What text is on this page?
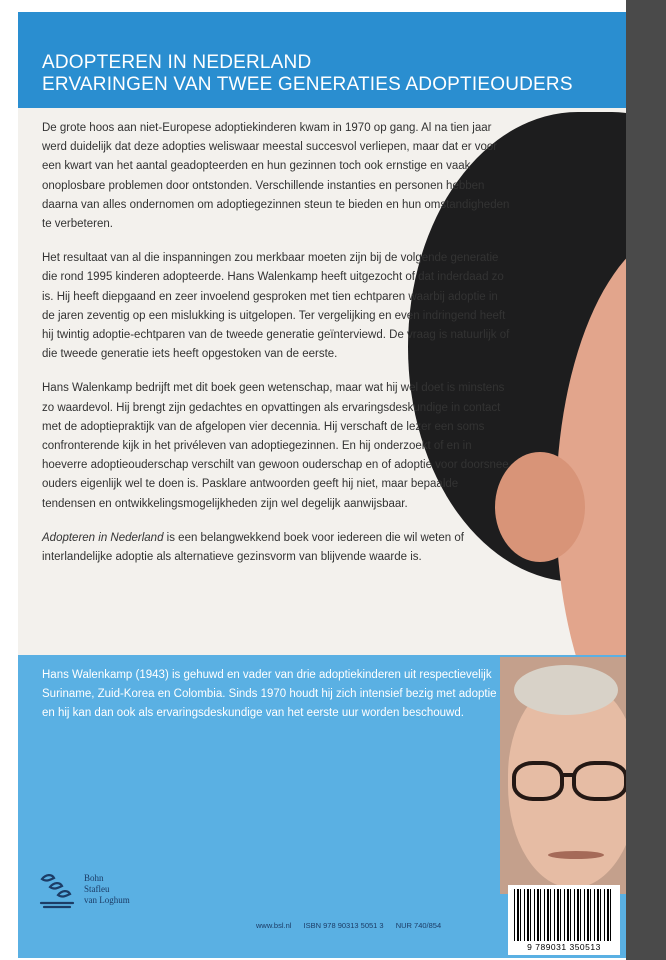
ADOPTEREN IN NEDERLAND
ERVARINGEN VAN TWEE GENERATIES ADOPTIEOUDERS

De grote hoos aan niet-Europese adoptiekinderen kwam in 1970 op gang. Al na tien jaar werd duidelijk dat deze adopties weliswaar meestal succesvol verliepen, maar dat er voor een kwart van het aantal geadopteerden en hun gezinnen toch ook ernstige en vaak onoplosbare problemen door ontstonden. Verschillende instanties en personen hebben daarna van alles ondernomen om adoptiegezinnen steun te bieden en hun omstandigheden te verbeteren.

Het resultaat van al die inspanningen zou merkbaar moeten zijn bij de volgende generatie die rond 1995 kinderen adopteerde. Hans Walenkamp heeft uitgezocht of dat inderdaad zo is. Hij heeft diepgaand en zeer invoelend gesproken met tien echtparen waarbij adoptie in de jaren zeventig op een mislukking is uitgelopen. Ter vergelijking en even indringend heeft hij twintig adoptie-echtparen van de tweede generatie geïnterviewd. De vraag is natuurlijk of die tweede generatie iets heeft opgestoken van de eerste.

Hans Walenkamp bedrijft met dit boek geen wetenschap, maar wat hij wel doet is minstens zo waardevol. Hij brengt zijn gedachtes en opvattingen als ervaringsdeskundige in contact met de adoptiepraktijk van de afgelopen vier decennia. Hij verschaft de lezer een soms confronterende kijk in het privéleven van adoptiegezinnen. En hij onderzoekt of en in hoeverre adoptieouderschap verschilt van gewoon ouderschap en of adoptie voor doorsnee ouders eigenlijk wel te doen is. Pasklare antwoorden geeft hij niet, maar bepaalde tendensen en ontwikkelingsmogelijkheden zijn wel degelijk aanwijsbaar.

Adopteren in Nederland is een belangwekkend boek voor iedereen die wil weten of interlandelijke adoptie als alternatieve gezinsvorm van blijvende waarde is.

Hans Walenkamp (1943) is gehuwd en vader van drie adoptiekinderen uit respectievelijk Suriname, Zuid-Korea en Colombia. Sinds 1970 houdt hij zich intensief bezig met adoptie en hij kan dan ook als ervaringsdeskundige van het eerste uur worden beschouwd.
Bohn
Stafleu
van Loghum
www.bsl.nl ISBN 978 90313 5051 3 NUR 740/854
9 789031 350513
